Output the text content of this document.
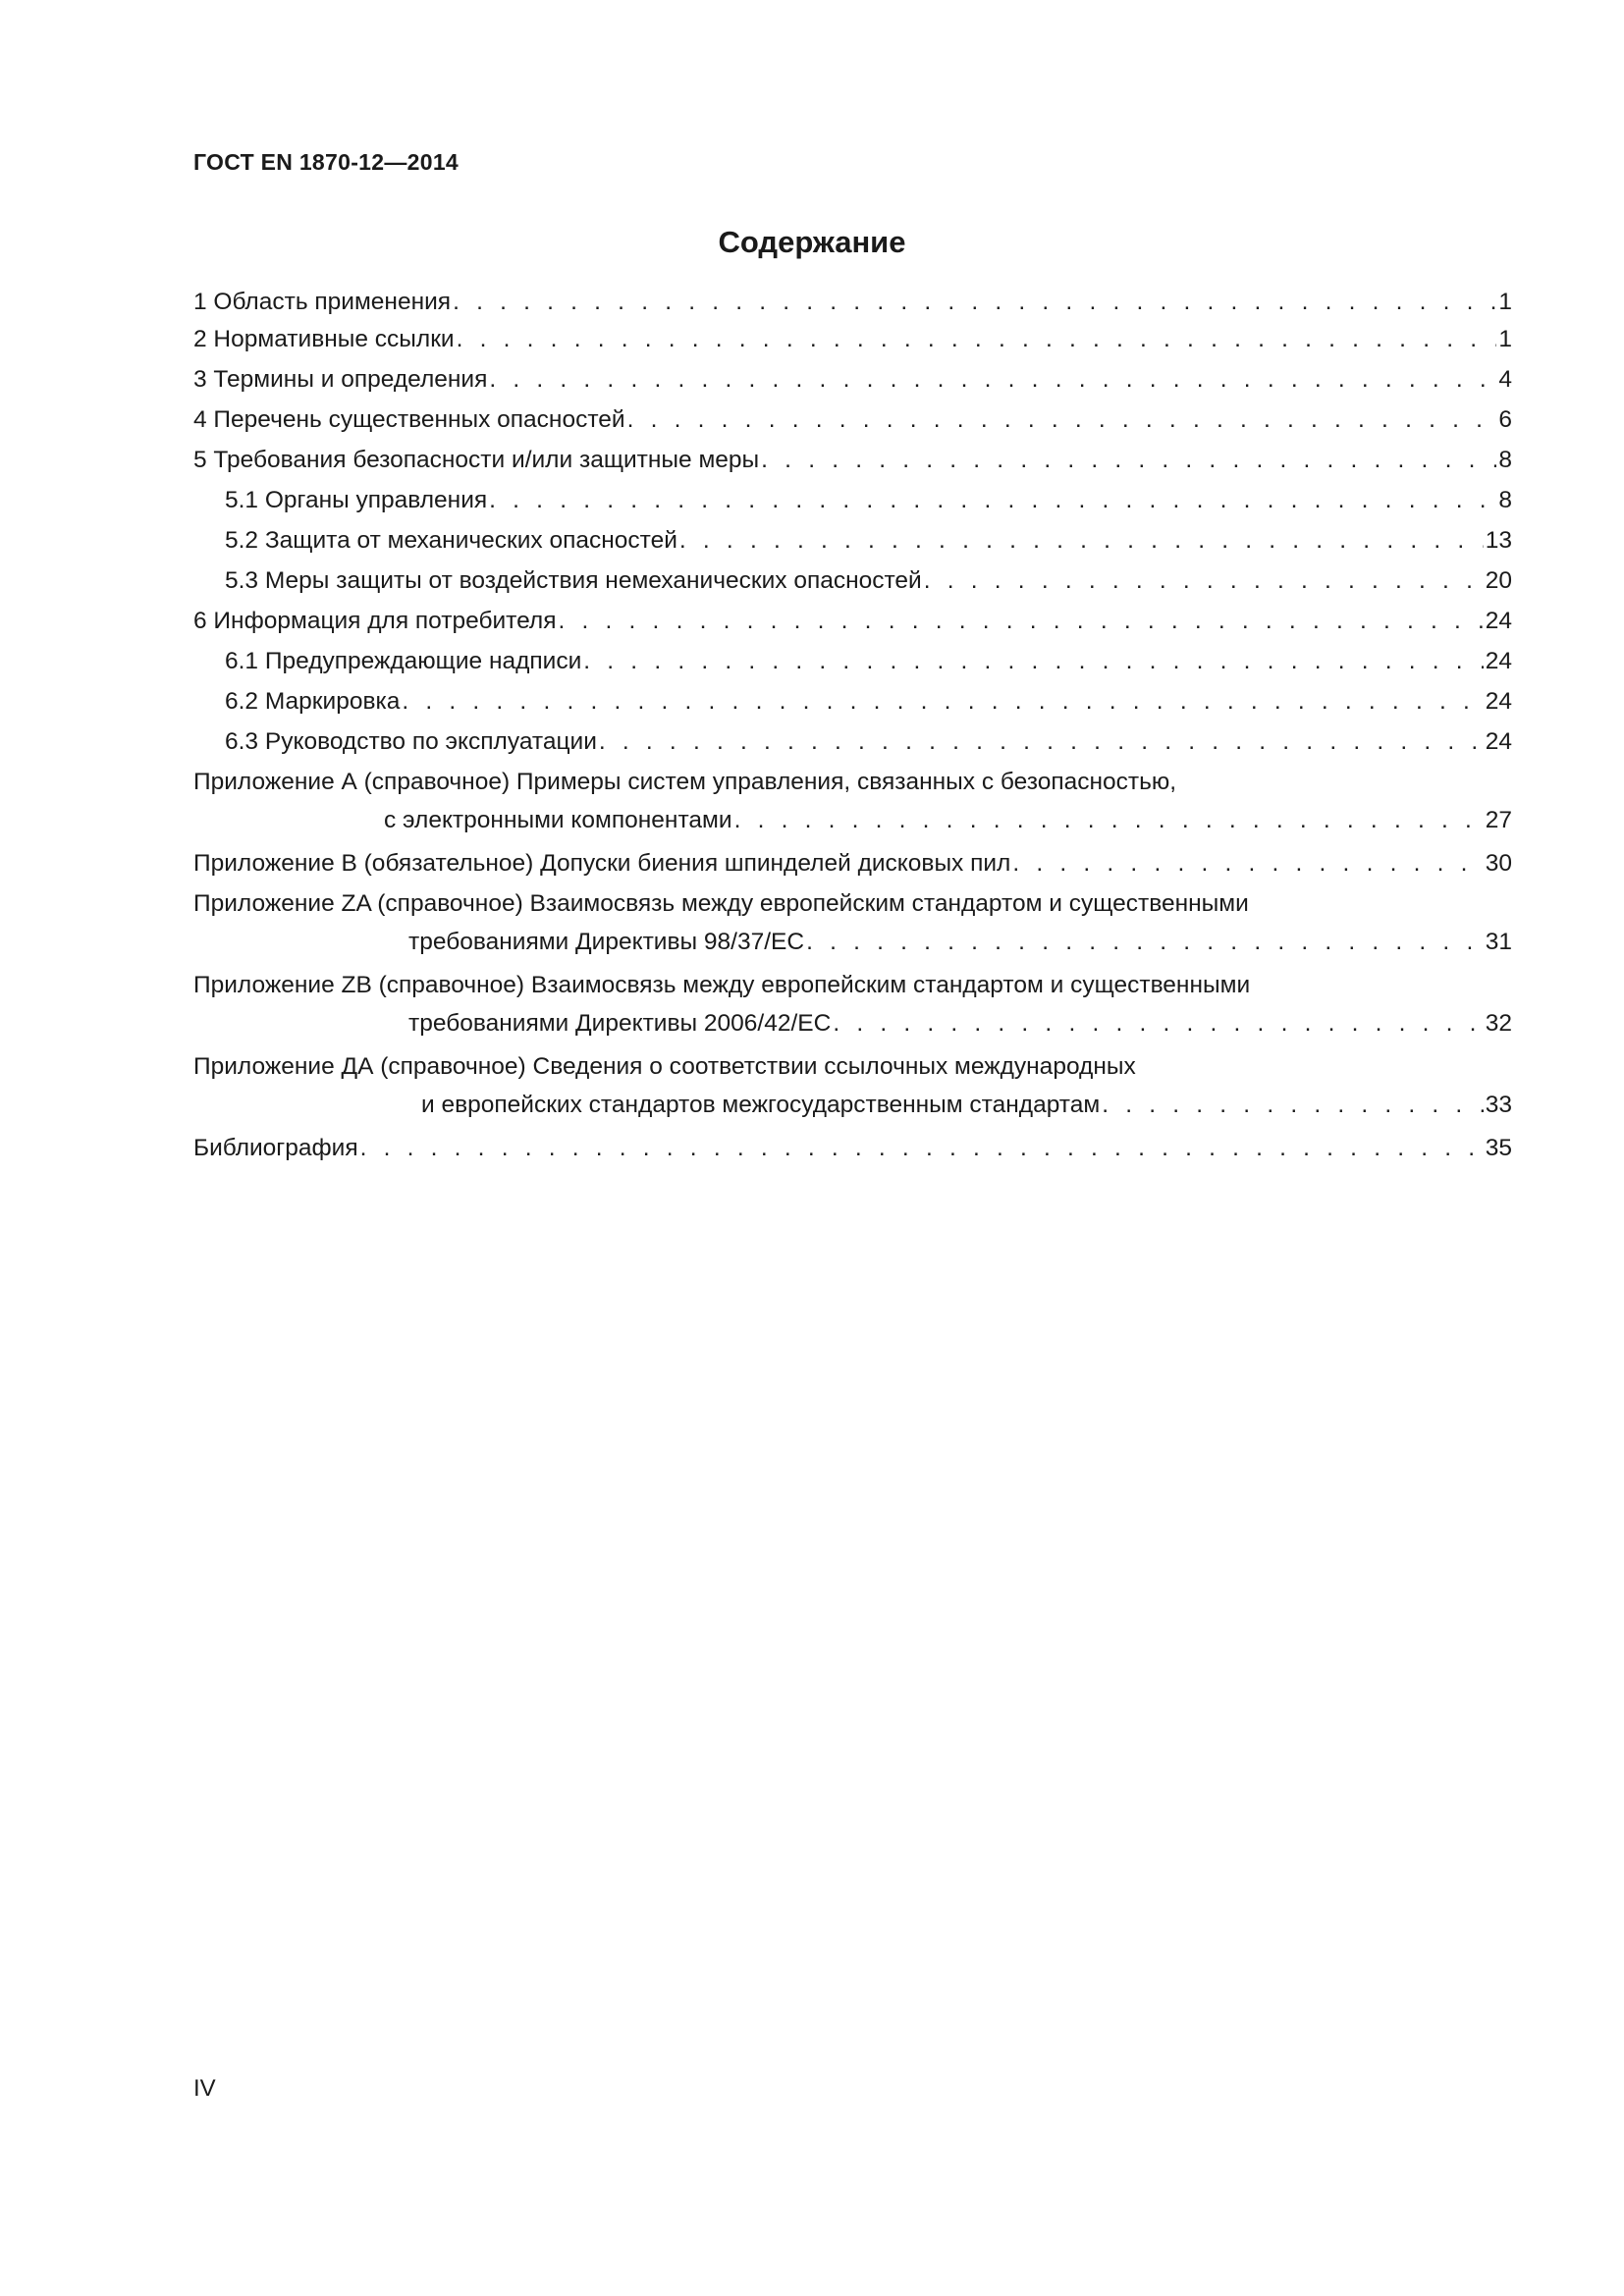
ГОСТ EN 1870-12—2014
Содержание
1 Область применения . . .	1
2 Нормативные ссылки . . .	1
3 Термины и определения . . .	4
4 Перечень существенных опасностей . . .	6
5 Требования безопасности и/или защитные меры . . .	8
5.1 Органы управления . . .	8
5.2 Защита от механических опасностей . . .	13
5.3 Меры защиты от воздействия немеханических опасностей . . .	20
6 Информация для потребителя . . .	24
6.1 Предупреждающие надписи . . .	24
6.2 Маркировка . . .	24
6.3 Руководство по эксплуатации . . .	24
Приложение А (справочное) Примеры систем управления, связанных с безопасностью,
с электронными компонентами . . .	27
Приложение В (обязательное) Допуски биения шпинделей дисковых пил . . .	30
Приложение ZA (справочное) Взаимосвязь между европейским стандартом и существенными
требованиями Директивы 98/37/ЕС . . .	31
Приложение ZB (справочное) Взаимосвязь между европейским стандартом и существенными
требованиями Директивы 2006/42/ЕС . . .	32
Приложение ДА (справочное) Сведения о соответствии ссылочных международных
и европейских стандартов межгосударственным стандартам . . .	33
Библиография . . .	35
IV
